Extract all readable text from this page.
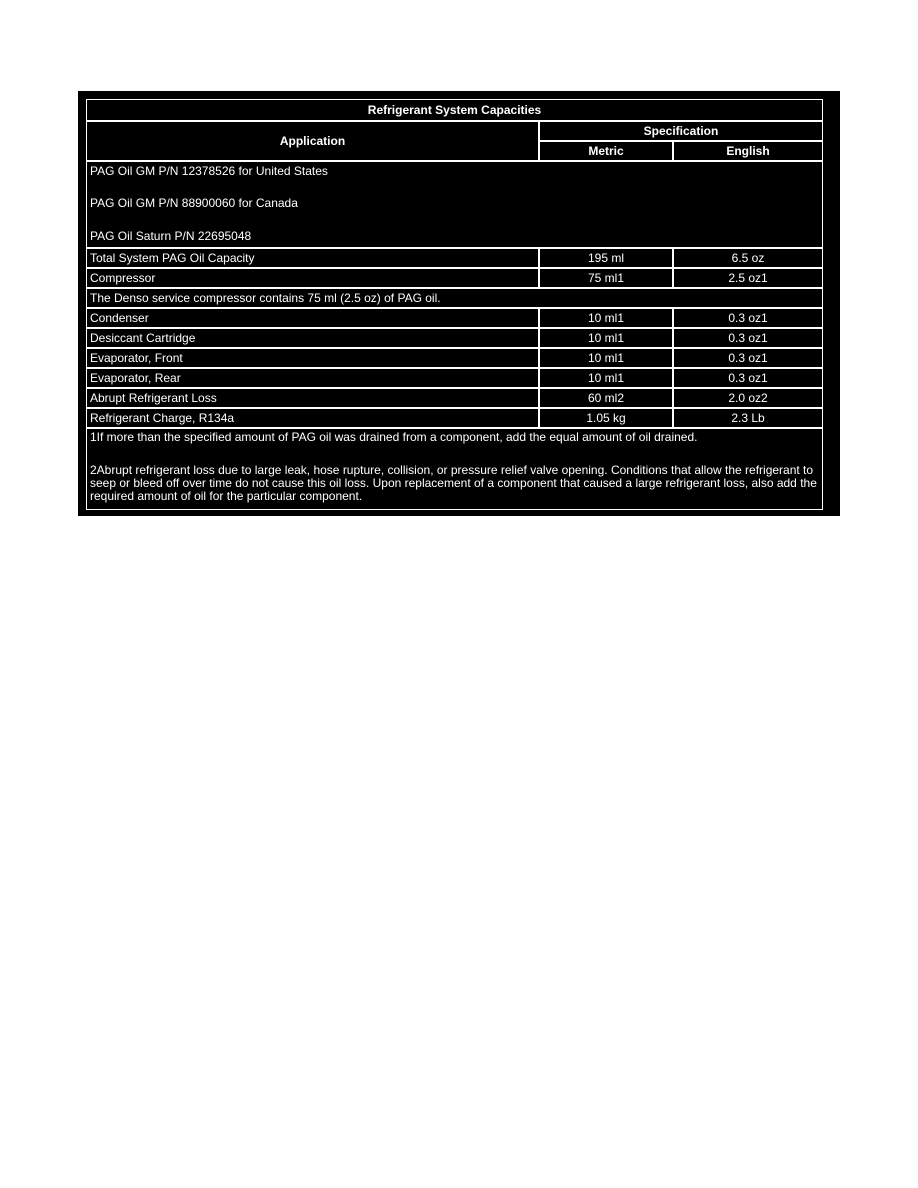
Refrigerant System Capacities		
Application	Specification	
	Metric	English

PAG Oil GM P/N 12378526 for United States

PAG Oil GM P/N 88900060 for Canada

PAG Oil Saturn P/N 22695048		

Total System PAG Oil Capacity	195 ml	6.5 oz
Compressor	75 ml1	2.5 oz1
The Denso service compressor contains 75 ml (2.5 oz) of PAG oil.		
Condenser	10 ml1	0.3 oz1
Desiccant Cartridge	10 ml1	0.3 oz1
Evaporator, Front	10 ml1	0.3 oz1
Evaporator, Rear	10 ml1	0.3 oz1
Abrupt Refrigerant Loss	60 ml2	2.0 oz2
Refrigerant Charge, R134a	1.05 kg	2.3 Lb

1If more than the specified amount of PAG oil was drained from a component, add the equal amount of oil drained.

2Abrupt refrigerant loss due to large leak, hose rupture, collision, or pressure relief valve opening. Conditions that allow the refrigerant to seep or bleed off over time do not cause this oil loss. Upon replacement of a component that caused a large refrigerant loss, also add the required amount of oil for the particular component.		
